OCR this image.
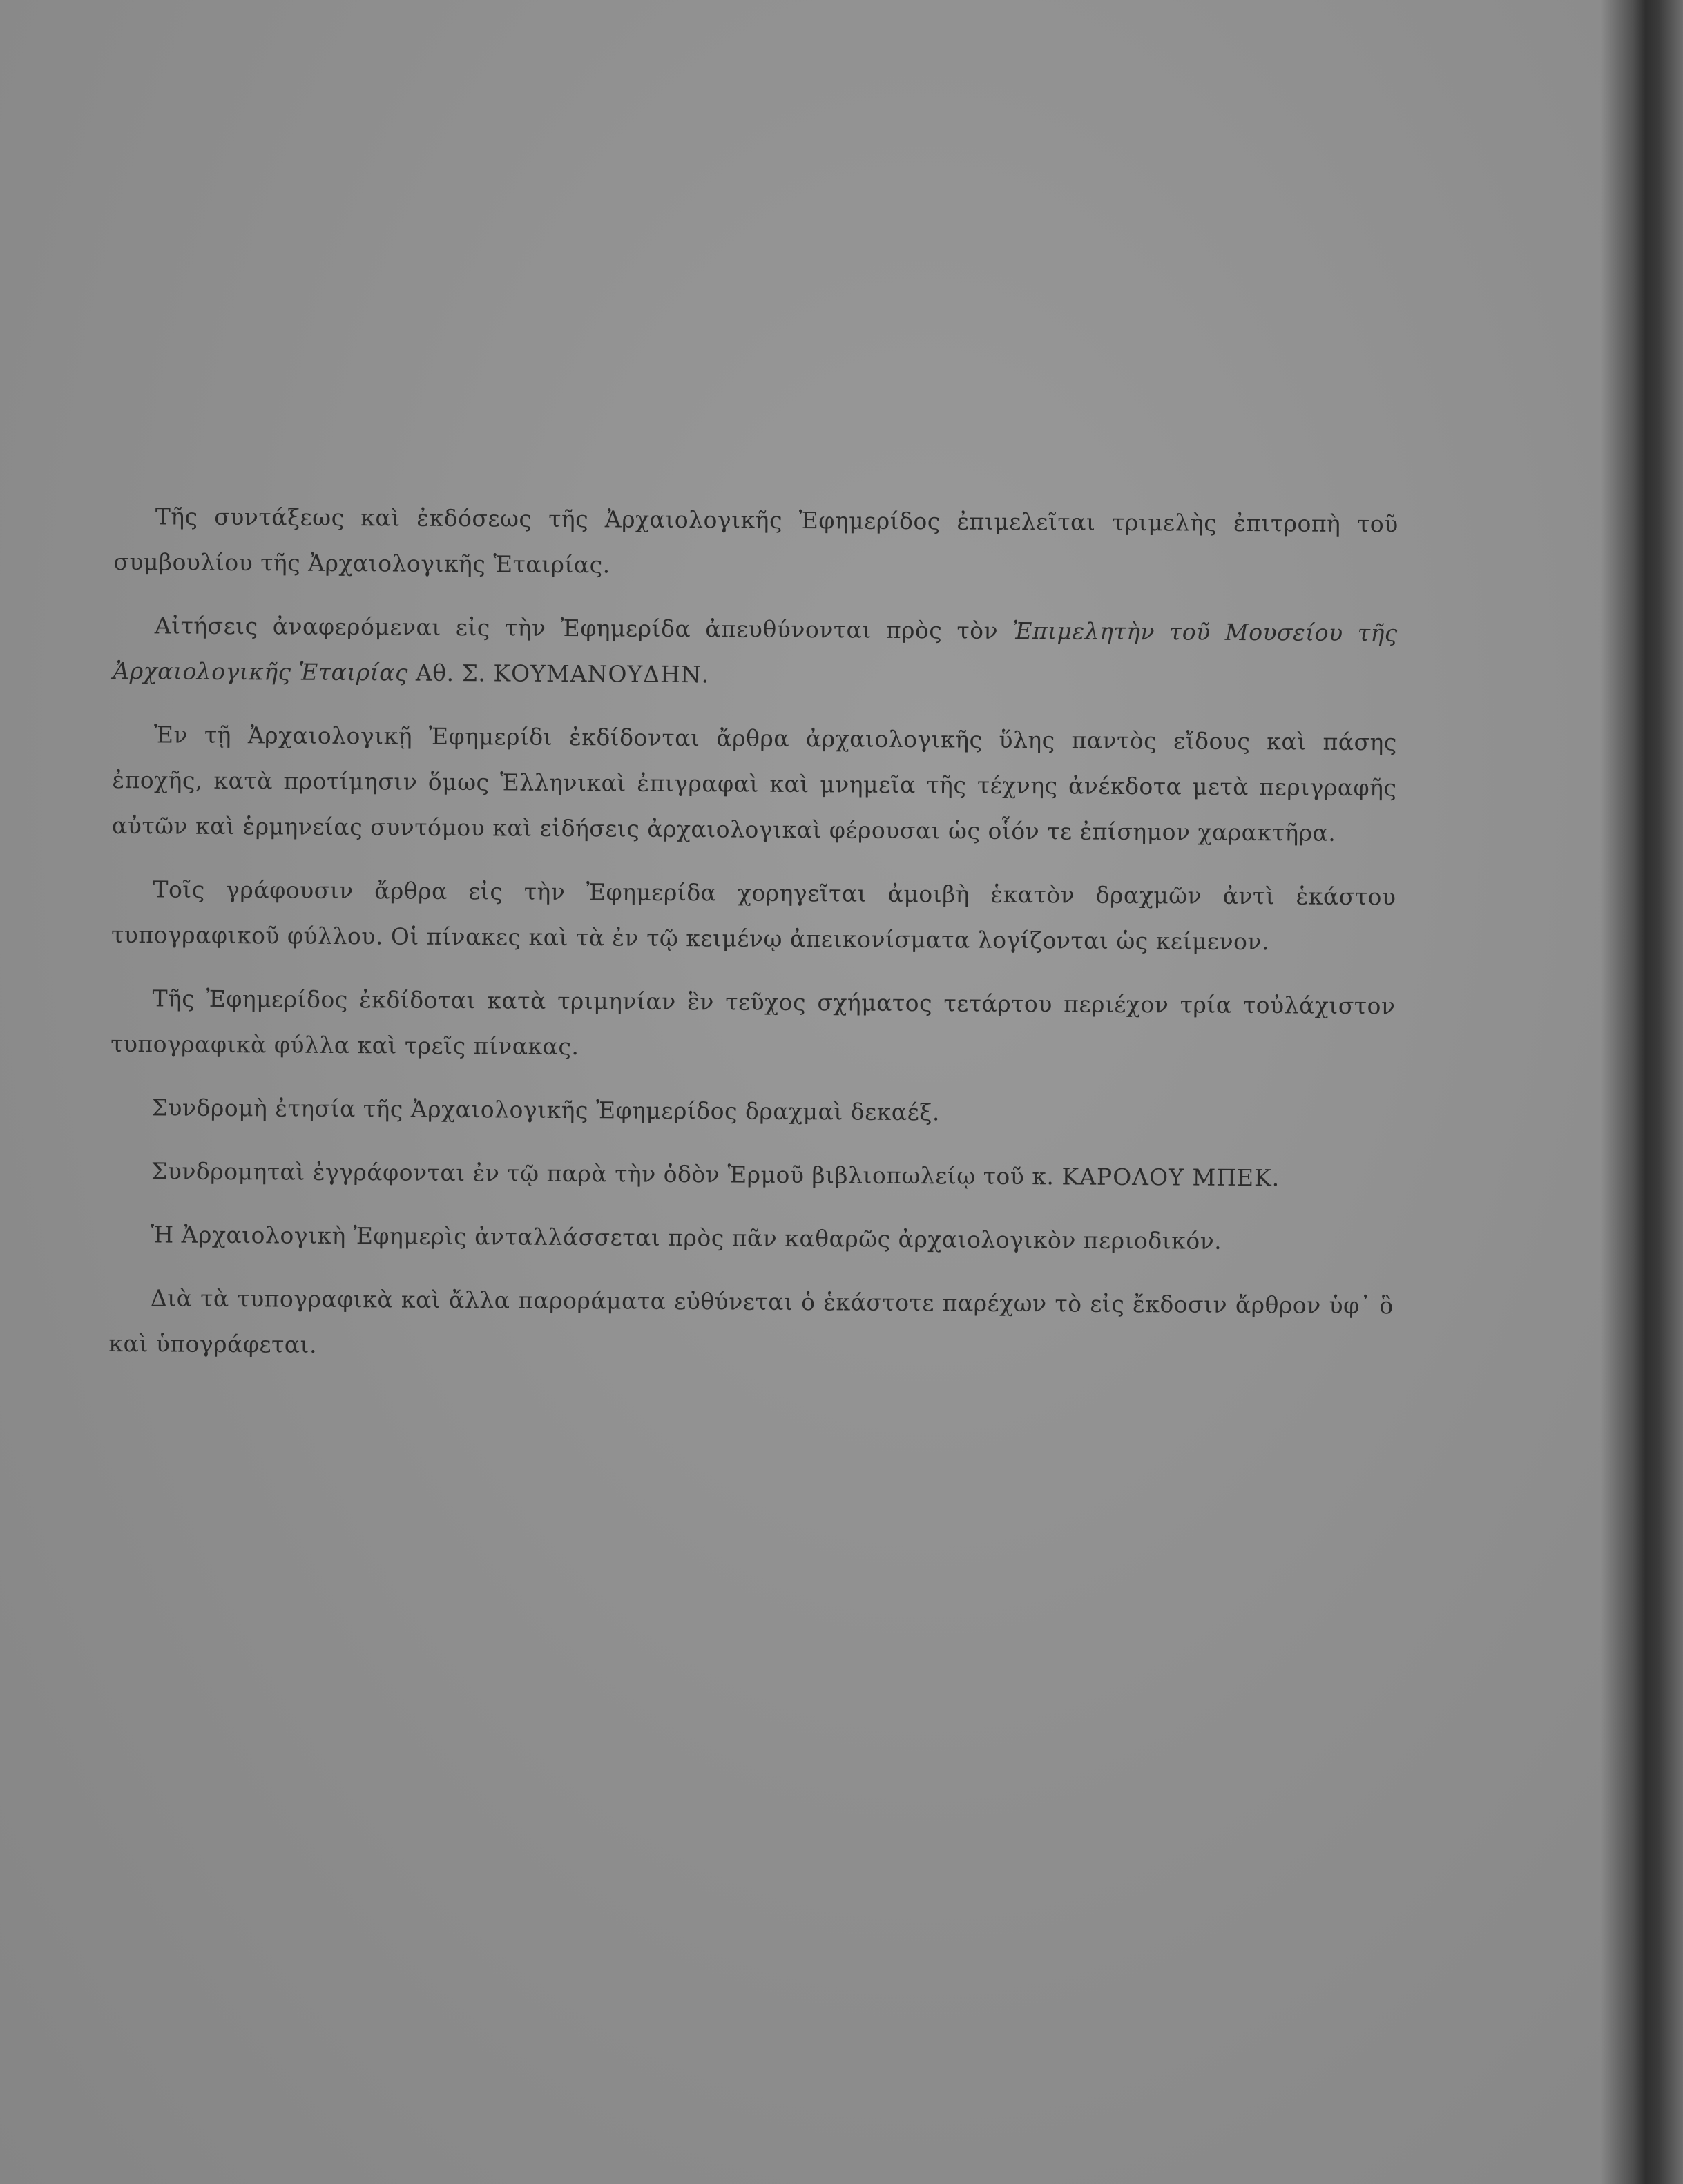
Τῆς συντάξεως καὶ ἐκδόσεως τῆς Ἀρχαιολογικῆς Ἐφημερίδος ἐπιμελεῖται τριμελὴς ἐπιτροπὴ τοῦ συμβουλίου τῆς Ἀρχαιολογικῆς Ἑταιρίας.

Αἰτήσεις ἀναφερόμεναι εἰς τὴν Ἐφημερίδα ἀπευθύνονται πρὸς τὸν Ἐπιμελητὴν τοῦ Μουσείου τῆς Ἀρχαιολογικῆς Ἑταιρίας Αθ. Σ. ΚΟΥΜΑΝΟΥΔΗΝ.

Ἐν τῇ Ἀρχαιολογικῇ Ἐφημερίδι ἐκδίδονται ἄρθρα ἀρχαιολογικῆς ὕλης παντὸς εἴδους καὶ πάσης ἐποχῆς, κατὰ προτίμησιν ὅμως Ἑλληνικαὶ ἐπιγραφαὶ καὶ μνημεῖα τῆς τέχνης ἀνέκδοτα μετὰ περιγραφῆς αὐτῶν καὶ ἑρμηνείας συντόμου καὶ εἰδήσεις ἀρχαιολογικαὶ φέρουσαι ὡς οἷόν τε ἐπίσημον χαρακτῆρα.

Τοῖς γράφουσιν ἄρθρα εἰς τὴν Ἐφημερίδα χορηγεῖται ἀμοιβὴ ἑκατὸν δραχμῶν ἀντὶ ἑκάστου τυπογραφικοῦ φύλλου. Οἱ πίνακες καὶ τὰ ἐν τῷ κειμένῳ ἀπεικονίσματα λογίζονται ὡς κείμενον.

Τῆς Ἐφημερίδος ἐκδίδοται κατὰ τριμηνίαν ἓν τεῦχος σχήματος τετάρτου περιέχον τρία τοὐλάχιστον τυπογραφικὰ φύλλα καὶ τρεῖς πίνακας.

Συνδρομὴ ἐτησία τῆς Ἀρχαιολογικῆς Ἐφημερίδος δραχμαὶ δεκαέξ.

Συνδρομηταὶ ἐγγράφονται ἐν τῷ παρὰ τὴν ὁδὸν Ἑρμοῦ βιβλιοπωλείῳ τοῦ κ. ΚΑΡΟΛΟΥ ΜΠΕΚ.

Ἡ Ἀρχαιολογικὴ Ἐφημερὶς ἀνταλλάσσεται πρὸς πᾶν καθαρῶς ἀρχαιολογικὸν περιοδικόν.

Διὰ τὰ τυπογραφικὰ καὶ ἄλλα παροράματα εὐθύνεται ὁ ἑκάστοτε παρέχων τὸ εἰς ἔκδοσιν ἄρθρον ὑφ᾽ ὃ καὶ ὑπογράφεται.
